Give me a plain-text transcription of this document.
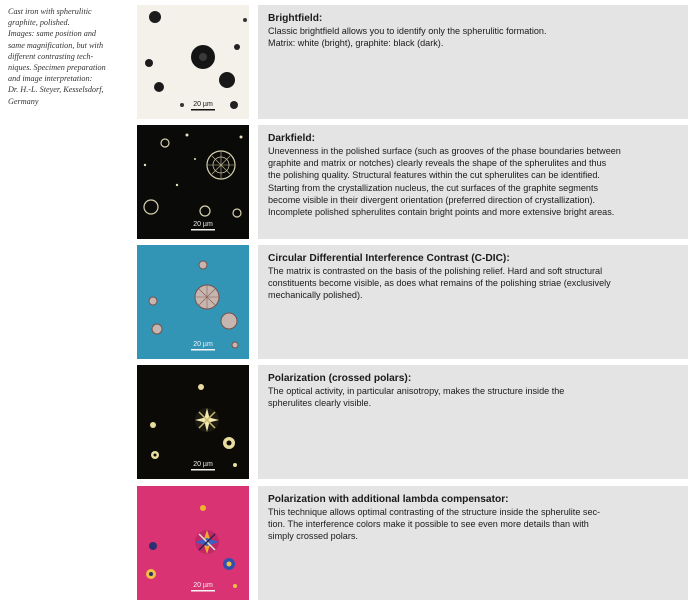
Cast iron with spherulitic
graphite, polished.
Images: same position and
same magnification, but with
different contrasting tech-
niques. Specimen preparation
and image interpretation:
Dr. H.-L. Steyer, Kesselsdorf,
Germany	20 µm
Brightfield:
Classic brightfield allows you to identify only the spherulitic formation.
Matrix: white (bright), graphite: black (dark).
20 µm
Darkfield:
Unevenness in the polished surface (such as grooves of the phase boundaries between
graphite and matrix or notches) clearly reveals the shape of the spherulites and thus
the polishing quality. Structural features within the cut spherulites can be identified.
Starting from the crystallization nucleus, the cut surfaces of the graphite segments
become visible in their divergent orientation (preferred direction of crystallization).
Incomplete polished spherulites contain bright points and more extensive bright areas.
20 µm
Circular Differential Interference Contrast (C-DIC):
The matrix is contrasted on the basis of the polishing relief. Hard and soft structural
constituents become visible, as does what remains of the polishing striae (exclusively
mechanically polished).
20 µm
Polarization (crossed polars):
The optical activity, in particular anisotropy, makes the structure inside the
spherulites clearly visible.
20 µm
Polarization with additional lambda compensator:
This technique allows optimal contrasting of the structure inside the spherulite sec-
tion. The interference colors make it possible to see even more details than with
simply crossed polars.
